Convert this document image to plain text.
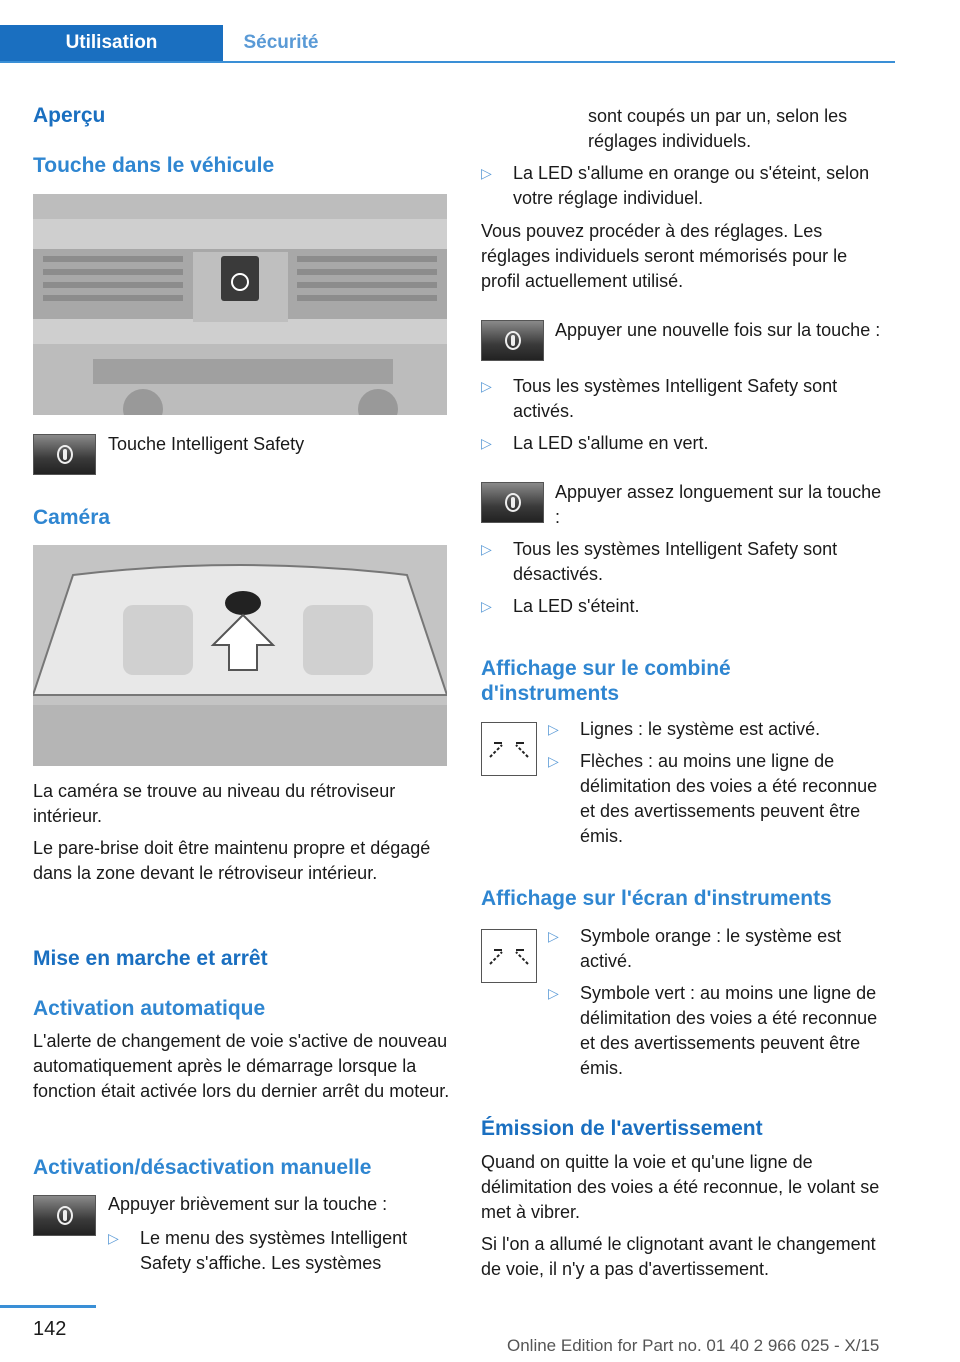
Utilisation	Sécurité
Aperçu
Touche dans le véhicule
Touche Intelligent Safety
Caméra
La caméra se trouve au niveau du rétroviseur intérieur.
Le pare-brise doit être maintenu propre et dégagé dans la zone devant le rétroviseur intérieur.
Mise en marche et arrêt
Activation automatique
L'alerte de changement de voie s'active de nouveau automatiquement après le démarrage lorsque la fonction était activée lors du dernier arrêt du moteur.
Activation/désactivation manuelle
Appuyer brièvement sur la touche :
▷ Le menu des systèmes Intelligent Safety s'affiche. Les systèmes
sont coupés un par un, selon les réglages individuels.
▷ La LED s'allume en orange ou s'éteint, selon votre réglage individuel.
Vous pouvez procéder à des réglages. Les réglages individuels seront mémorisés pour le profil actuellement utilisé.
Appuyer une nouvelle fois sur la touche :
▷ Tous les systèmes Intelligent Safety sont activés.
▷ La LED s'allume en vert.
Appuyer assez longuement sur la touche :
▷ Tous les systèmes Intelligent Safety sont désactivés.
▷ La LED s'éteint.
Affichage sur le combiné d'instruments
▷ Lignes : le système est activé.
▷ Flèches : au moins une ligne de délimitation des voies a été reconnue et des avertissements peuvent être émis.
Affichage sur l'écran d'instruments
▷ Symbole orange : le système est activé.
▷ Symbole vert : au moins une ligne de délimitation des voies a été reconnue et des avertissements peuvent être émis.
Émission de l'avertissement
Quand on quitte la voie et qu'une ligne de délimitation des voies a été reconnue, le volant se met à vibrer.
Si l'on a allumé le clignotant avant le changement de voie, il n'y a pas d'avertissement.
142
Online Edition for Part no. 01 40 2 966 025 - X/15
